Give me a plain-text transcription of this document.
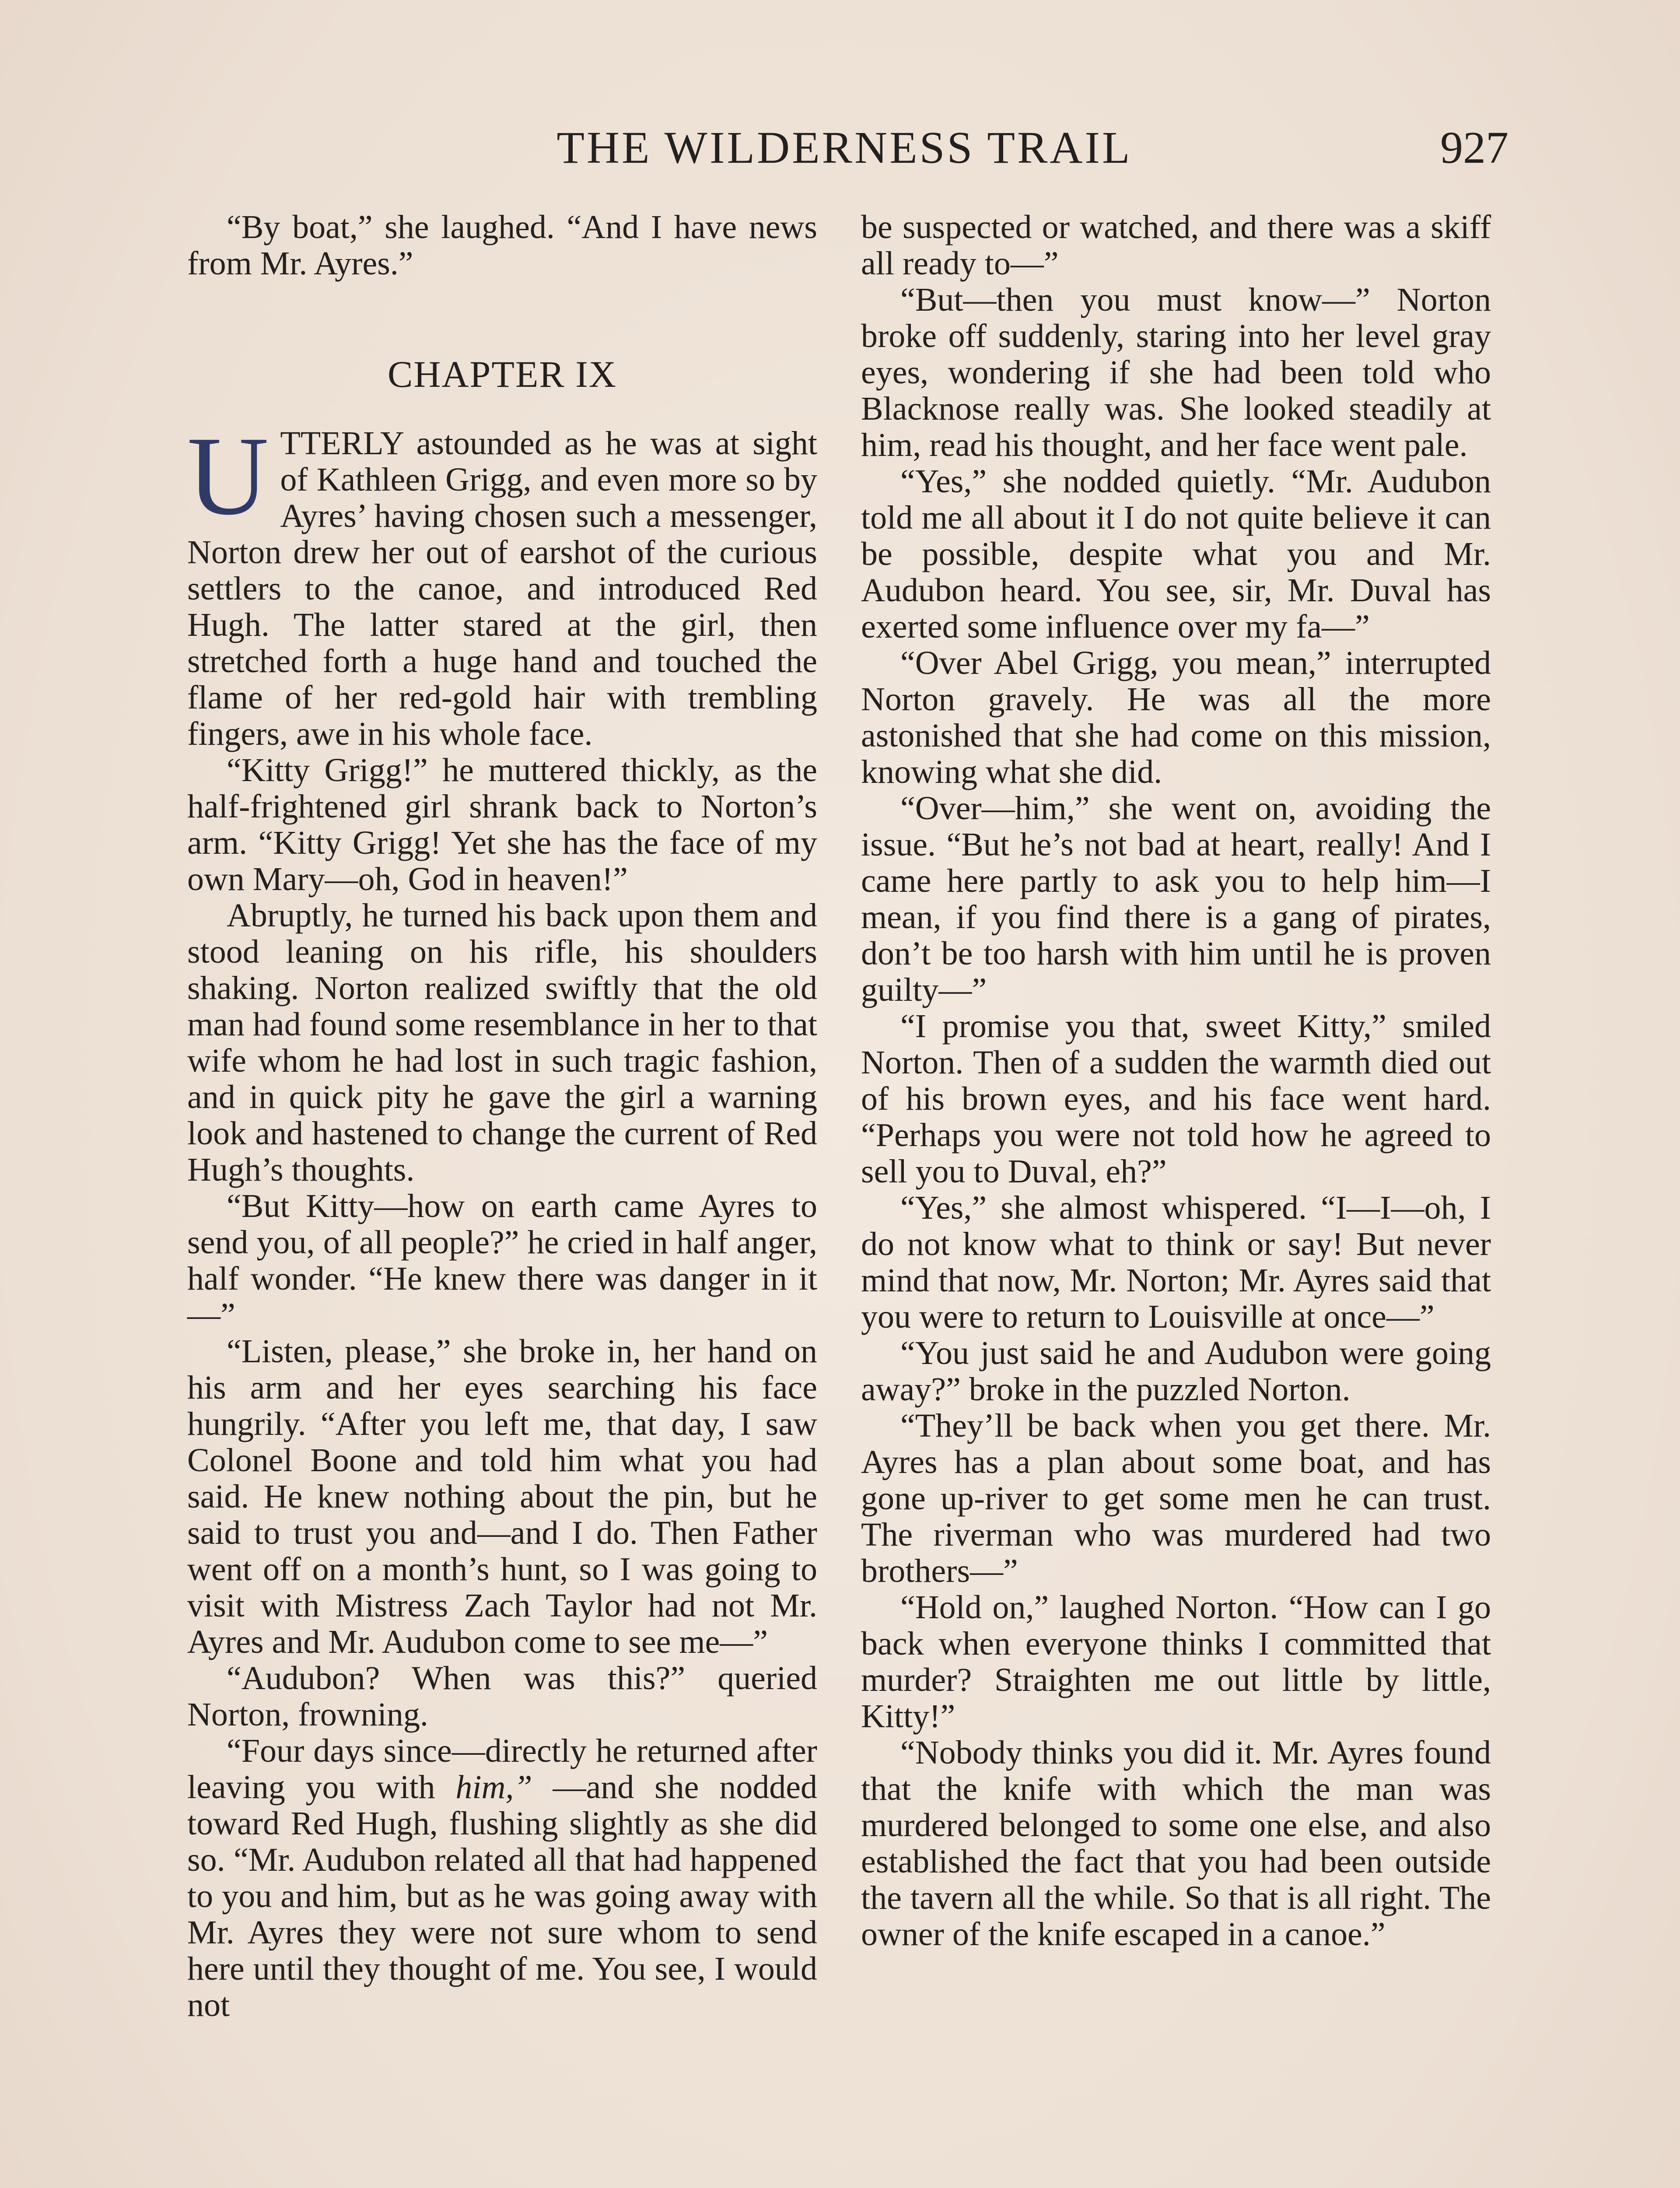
THE WILDERNESS TRAIL	927

“By boat,” she laughed. “And I have news from Mr. Ayres.”

CHAPTER IX

UTTERLY astounded as he was at sight of Kathleen Grigg, and even more so by Ayres’ having chosen such a messenger, Norton drew her out of earshot of the curious settlers to the canoe, and introduced Red Hugh. The latter stared at the girl, then stretched forth a huge hand and touched the flame of her red-gold hair with trembling fingers, awe in his whole face.

“Kitty Grigg!” he muttered thickly, as the half-frightened girl shrank back to Norton’s arm. “Kitty Grigg! Yet she has the face of my own Mary—oh, God in heaven!”

Abruptly, he turned his back upon them and stood leaning on his rifle, his shoulders shaking. Norton realized swiftly that the old man had found some resemblance in her to that wife whom he had lost in such tragic fashion, and in quick pity he gave the girl a warning look and hastened to change the current of Red Hugh’s thoughts.

“But Kitty—how on earth came Ayres to send you, of all people?” he cried in half anger, half wonder. “He knew there was danger in it—”

“Listen, please,” she broke in, her hand on his arm and her eyes searching his face hungrily. “After you left me, that day, I saw Colonel Boone and told him what you had said. He knew nothing about the pin, but he said to trust you and—and I do. Then Father went off on a month’s hunt, so I was going to visit with Mistress Zach Taylor had not Mr. Ayres and Mr. Audubon come to see me—”

“Audubon? When was this?” queried Norton, frowning.

“Four days since—directly he returned after leaving you with him,” —and she nodded toward Red Hugh, flushing slightly as she did so. “Mr. Audubon related all that had happened to you and him, but as he was going away with Mr. Ayres they were not sure whom to send here until they thought of me. You see, I would not

be suspected or watched, and there was a skiff all ready to—”

“But—then you must know—” Norton broke off suddenly, staring into her level gray eyes, wondering if she had been told who Blacknose really was. She looked steadily at him, read his thought, and her face went pale.

“Yes,” she nodded quietly. “Mr. Audubon told me all about it I do not quite believe it can be possible, despite what you and Mr. Audubon heard. You see, sir, Mr. Duval has exerted some influence over my fa—”

“Over Abel Grigg, you mean,” interrupted Norton gravely. He was all the more astonished that she had come on this mission, knowing what she did.

“Over—him,” she went on, avoiding the issue. “But he’s not bad at heart, really! And I came here partly to ask you to help him—I mean, if you find there is a gang of pirates, don’t be too harsh with him until he is proven guilty—”

“I promise you that, sweet Kitty,” smiled Norton. Then of a sudden the warmth died out of his brown eyes, and his face went hard. “Perhaps you were not told how he agreed to sell you to Duval, eh?”

“Yes,” she almost whispered. “I—I—oh, I do not know what to think or say! But never mind that now, Mr. Norton; Mr. Ayres said that you were to return to Louisville at once—”

“You just said he and Audubon were going away?” broke in the puzzled Norton.

“They’ll be back when you get there. Mr. Ayres has a plan about some boat, and has gone up-river to get some men he can trust. The riverman who was murdered had two brothers—”

“Hold on,” laughed Norton. “How can I go back when everyone thinks I committed that murder? Straighten me out little by little, Kitty!”

“Nobody thinks you did it. Mr. Ayres found that the knife with which the man was murdered belonged to some one else, and also established the fact that you had been outside the tavern all the while. So that is all right. The owner of the knife escaped in a canoe.”
